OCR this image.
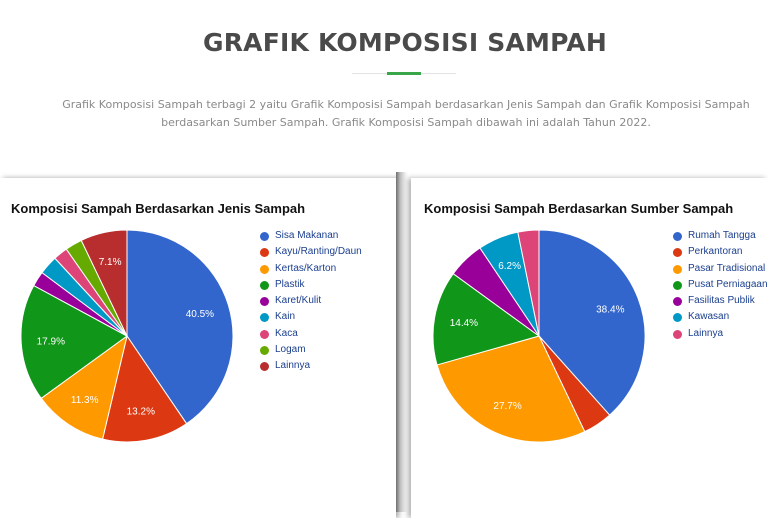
GRAFIK KOMPOSISI SAMPAH
Grafik Komposisi Sampah terbagi 2 yaitu Grafik Komposisi Sampah berdasarkan Jenis Sampah dan Grafik Komposisi Sampah
berdasarkan Sumber Sampah. Grafik Komposisi Sampah dibawah ini adalah Tahun 2022.
Komposisi Sampah Berdasarkan Jenis Sampah
40.5%
13.2%
11.3%
17.9%
7.1%
Sisa Makanan
Kayu/Ranting/Daun
Kertas/Karton
Plastik
Karet/Kulit
Kain
Kaca
Logam
Lainnya
Komposisi Sampah Berdasarkan Sumber Sampah
38.4%
27.7%
14.4%
6.2%
Rumah Tangga
Perkantoran
Pasar Tradisional
Pusat Perniagaan
Fasilitas Publik
Kawasan
Lainnya
